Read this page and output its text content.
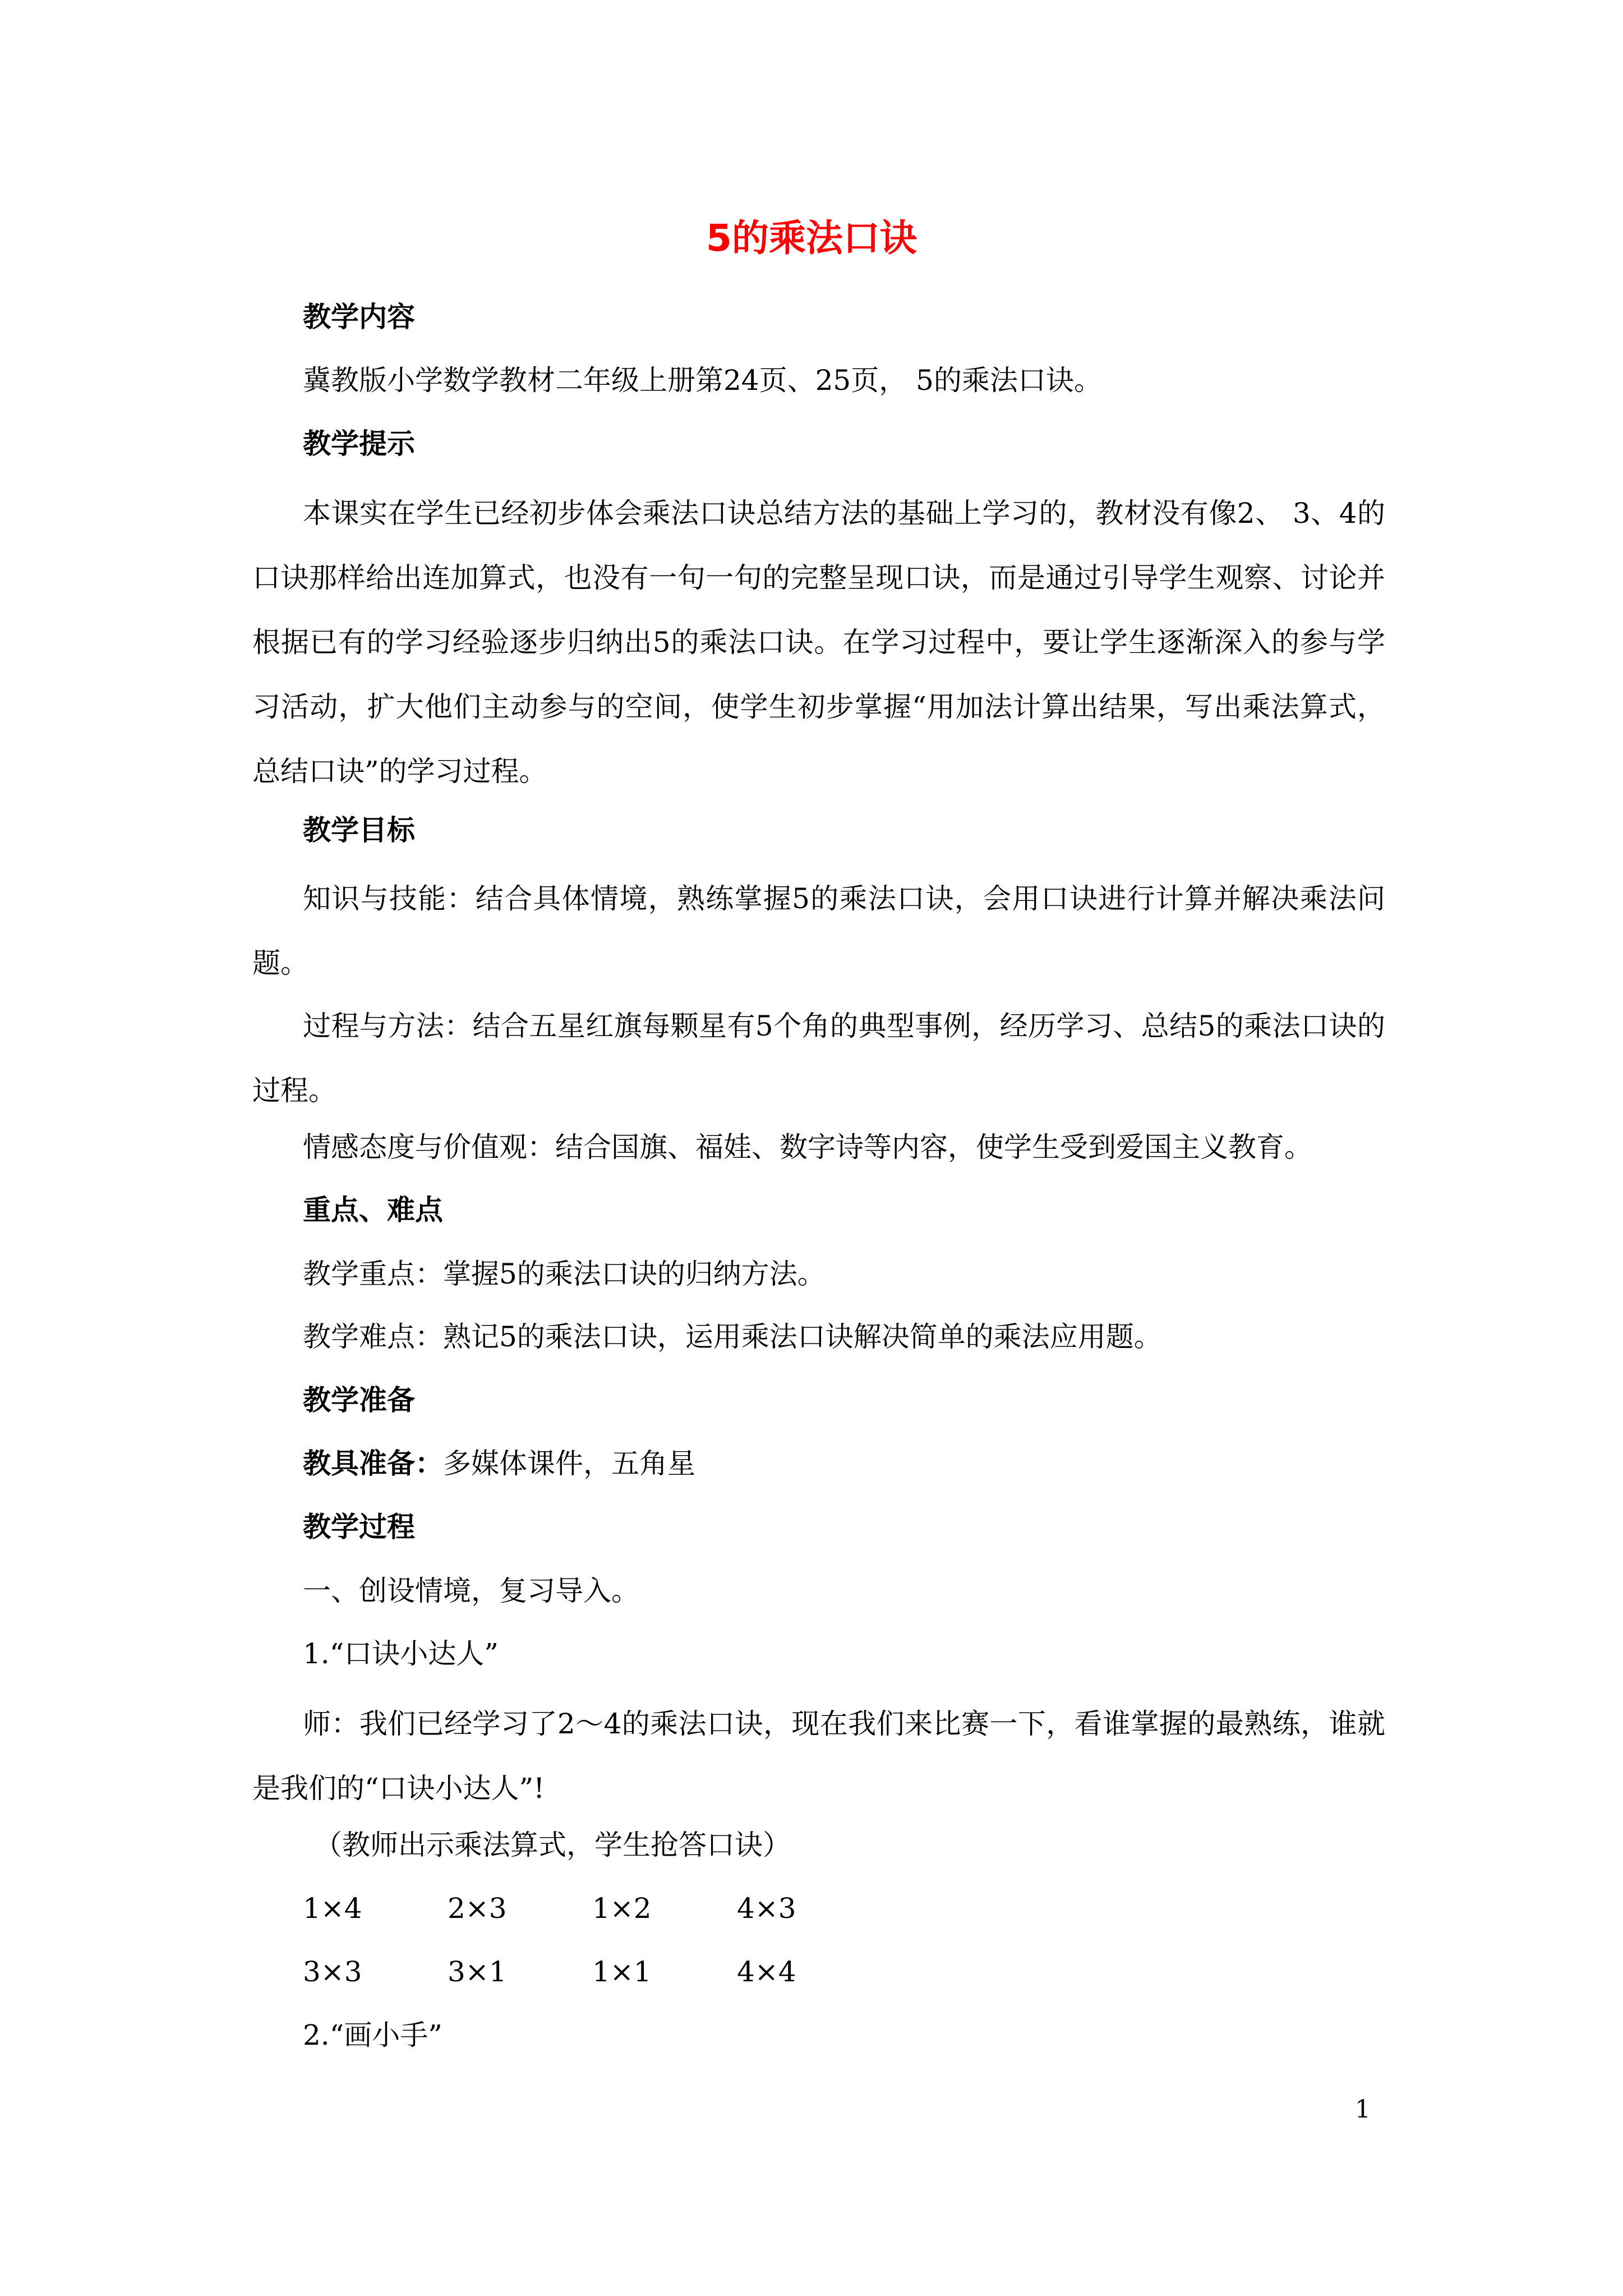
5的乘法口诀
教学内容
冀教版小学数学教材二年级上册第24页、25页， 5的乘法口诀。
教学提示
本课实在学生已经初步体会乘法口诀总结方法的基础上学习的，教材没有像2、 3、4的口诀那样给出连加算式，也没有一句一句的完整呈现口诀，而是通过引导学生观察、讨论并根据已有的学习经验逐步归纳出5的乘法口诀。在学习过程中，要让学生逐渐深入的参与学习活动，扩大他们主动参与的空间，使学生初步掌握“用加法计算出结果，写出乘法算式，总结口诀”的学习过程。
教学目标
知识与技能：结合具体情境，熟练掌握5的乘法口诀，会用口诀进行计算并解决乘法问题。
过程与方法：结合五星红旗每颗星有5个角的典型事例，经历学习、总结5的乘法口诀的过程。
情感态度与价值观：结合国旗、福娃、数字诗等内容，使学生受到爱国主义教育。
重点、难点
教学重点：掌握5的乘法口诀的归纳方法。
教学难点：熟记5的乘法口诀，运用乘法口诀解决简单的乘法应用题。
教学准备
教具准备：多媒体课件，五角星
教学过程
一、创设情境，复习导入。
1.“口诀小达人”
师：我们已经学习了2～4的乘法口诀，现在我们来比赛一下，看谁掌握的最熟练，谁就是我们的“口诀小达人”!
（教师出示乘法算式，学生抢答口诀）
1×4	2×3	1×2	4×3
3×3	3×1	1×1	4×4
2.“画小手”
1
